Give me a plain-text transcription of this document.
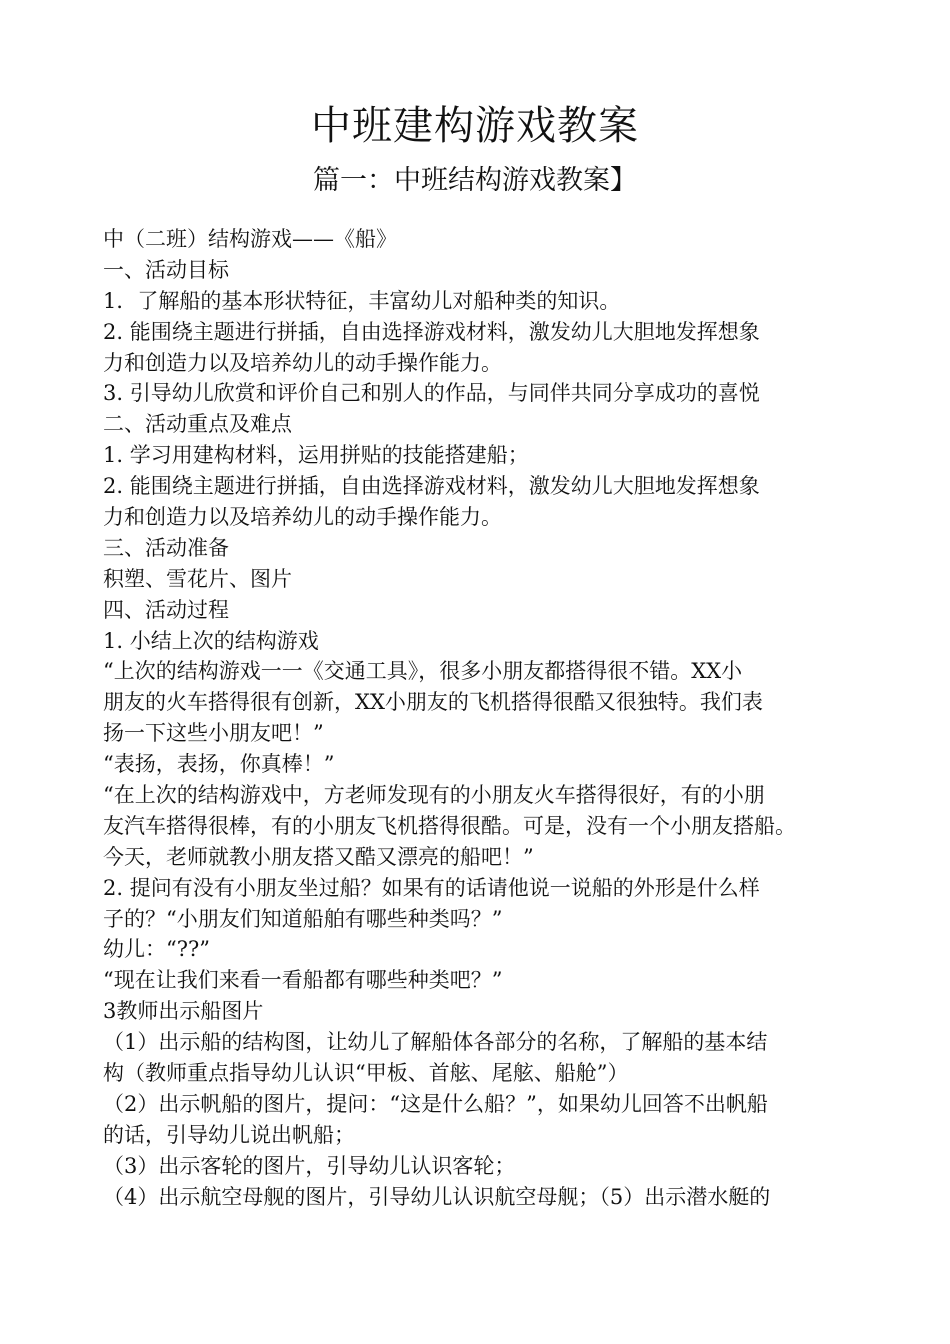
中班建构游戏教案
篇一：中班结构游戏教案】
中（二班）结构游戏——《船》
一、活动目标
1．了解船的基本形状特征，丰富幼儿对船种类的知识。
2. 能围绕主题进行拼插，自由选择游戏材料，激发幼儿大胆地发挥想象
力和创造力以及培养幼儿的动手操作能力。
3. 引导幼儿欣赏和评价自己和别人的作品，与同伴共同分享成功的喜悦
二、活动重点及难点
1. 学习用建构材料，运用拼贴的技能搭建船；
2. 能围绕主题进行拼插，自由选择游戏材料，激发幼儿大胆地发挥想象
力和创造力以及培养幼儿的动手操作能力。
三、活动准备
积塑、雪花片、图片
四、活动过程
1. 小结上次的结构游戏
“上次的结构游戏一一《交通工具》，很多小朋友都搭得很不错。XX小
朋友的火车搭得很有创新，XX小朋友的飞机搭得很酷又很独特。我们表
扬一下这些小朋友吧！”
“表扬，表扬，你真棒！”
“在上次的结构游戏中，方老师发现有的小朋友火车搭得很好，有的小朋
友汽车搭得很棒，有的小朋友飞机搭得很酷。可是，没有一个小朋友搭船。
今天，老师就教小朋友搭又酷又漂亮的船吧！”
2. 提问有没有小朋友坐过船？如果有的话请他说一说船的外形是什么样
子的？“小朋友们知道船舶有哪些种类吗？”
幼儿：“??”
“现在让我们来看一看船都有哪些种类吧？”
3教师出示船图片
（1）出示船的结构图，让幼儿了解船体各部分的名称，了解船的基本结
构（教师重点指导幼儿认识“甲板、首舷、尾舷、船舱”）
（2）出示帆船的图片，提问：“这是什么船？”，如果幼儿回答不出帆船
的话，引导幼儿说出帆船；
（3）出示客轮的图片，引导幼儿认识客轮；
（4）出示航空母舰的图片，引导幼儿认识航空母舰；（5）出示潜水艇的
